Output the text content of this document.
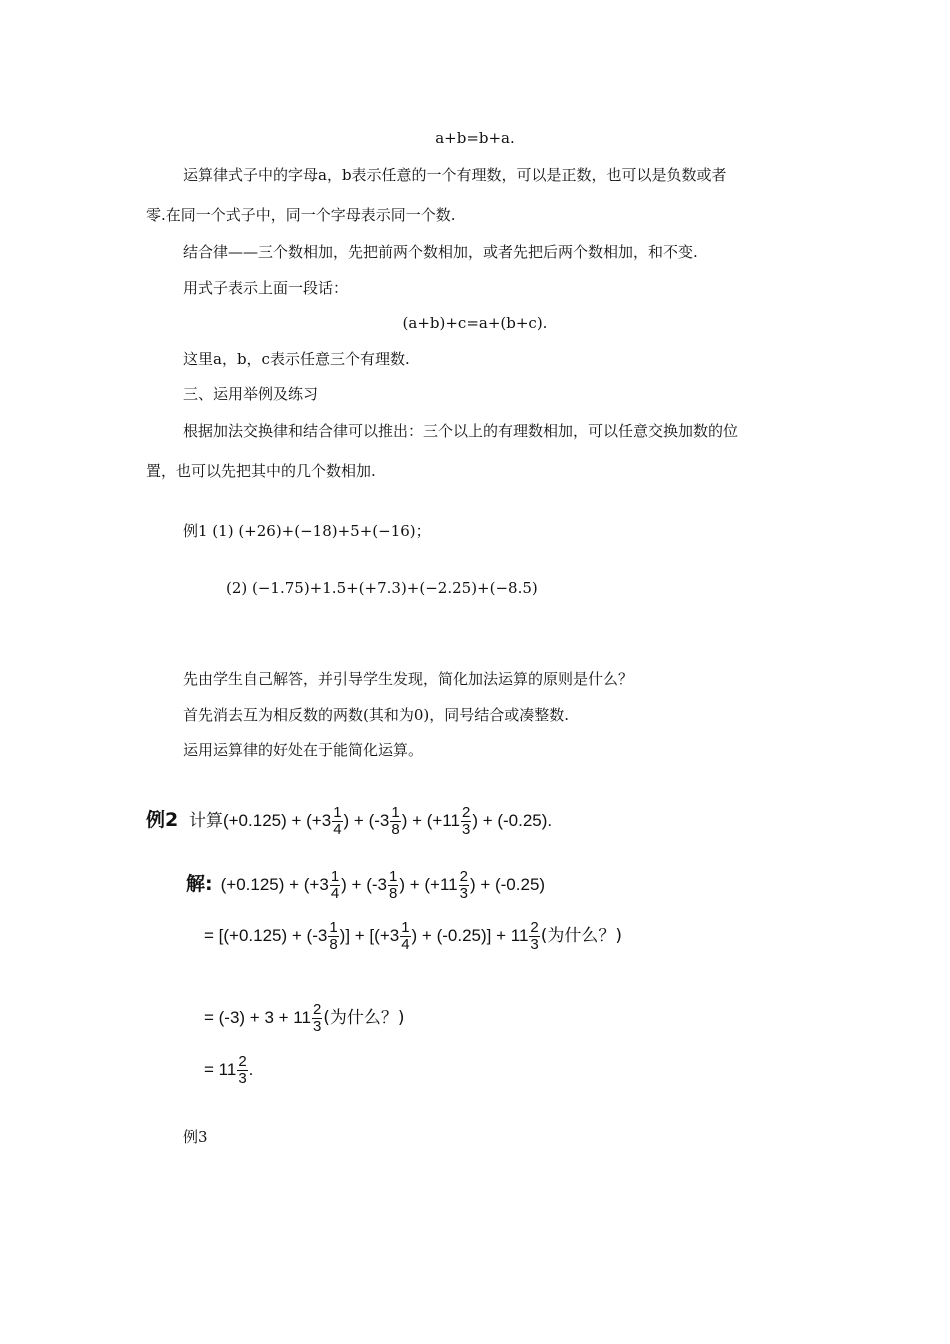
a+b=b+a.
运算律式子中的字母a，b表示任意的一个有理数，可以是正数，也可以是负数或者
零.在同一个式子中，同一个字母表示同一个数.
结合律——三个数相加，先把前两个数相加，或者先把后两个数相加，和不变.
用式子表示上面一段话：
(a+b)+c=a+(b+c).
这里a，b，c表示任意三个有理数.
三、运用举例及练习
根据加法交换律和结合律可以推出：三个以上的有理数相加，可以任意交换加数的位
置，也可以先把其中的几个数相加.
例1 (1) (+26)+(−18)+5+(−16)；
(2) (−1.75)+1.5+(+7.3)+(−2.25)+(−8.5)
先由学生自己解答，并引导学生发现，简化加法运算的原则是什么？
首先消去互为相反数的两数(其和为0)，同号结合或凑整数.
运用运算律的好处在于能简化运算。
例2 计算$(+0.125) + (+3 \frac{1}{4}$ ) + ($-3 \frac{1}{8}$ ) + ($+11 \frac{2}{3}$ ) + (-0.25).
解: $(+0.125) + (+3 \frac{1}{4}$ ) + ($-3 \frac{1}{8}$ ) + ($+11 \frac{2}{3}$ ) + (-0.25)
= [$(+0.125) + (-3 \frac{1}{8}$ )] + [($+3 \frac{1}{4}$ ) + $(-0.25)] + 11 \frac{2}{3}$ (为什么？)
= $(-3) + 3 + 11 \frac{2}{3}$ (为什么？)
= $11 \frac{2}{3}$ .
例3
